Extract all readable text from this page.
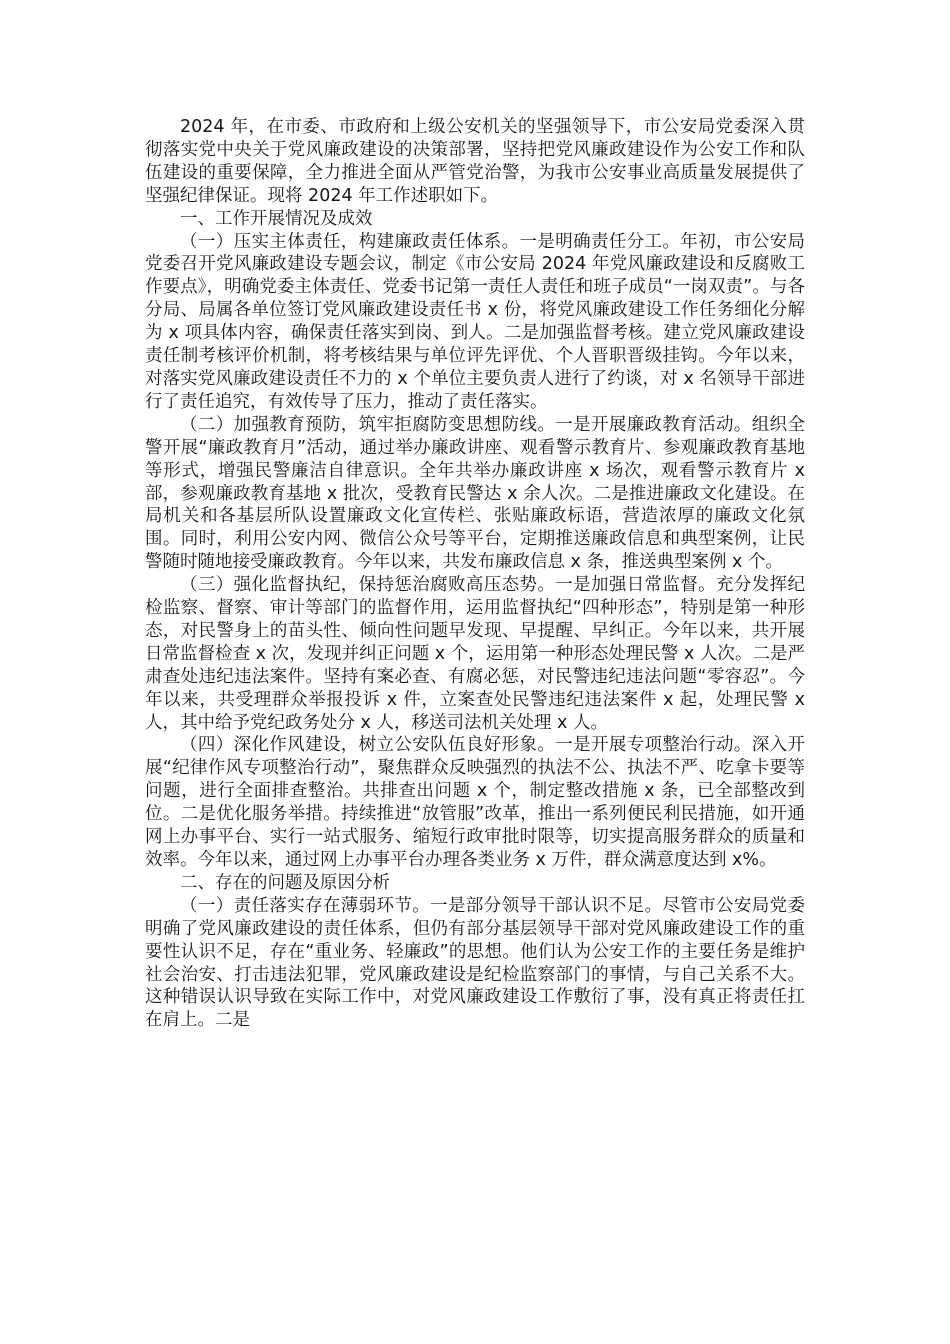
2024 年，在市委、市政府和上级公安机关的坚强领导下，市公安局党委深入贯彻落实党中央关于党风廉政建设的决策部署，坚持把党风廉政建设作为公安工作和队伍建设的重要保障，全力推进全面从严管党治警，为我市公安事业高质量发展提供了坚强纪律保证。现将 2024 年工作述职如下。

一、工作开展情况及成效

（一）压实主体责任，构建廉政责任体系。一是明确责任分工。年初，市公安局党委召开党风廉政建设专题会议，制定《市公安局 2024 年党风廉政建设和反腐败工作要点》，明确党委主体责任、党委书记第一责任人责任和班子成员“一岗双责”。与各分局、局属各单位签订党风廉政建设责任书 x 份，将党风廉政建设工作任务细化分解为 x 项具体内容，确保责任落实到岗、到人。二是加强监督考核。建立党风廉政建设责任制考核评价机制，将考核结果与单位评先评优、个人晋职晋级挂钩。今年以来，对落实党风廉政建设责任不力的 x 个单位主要负责人进行了约谈，对 x 名领导干部进行了责任追究，有效传导了压力，推动了责任落实。

（二）加强教育预防，筑牢拒腐防变思想防线。一是开展廉政教育活动。组织全警开展“廉政教育月”活动，通过举办廉政讲座、观看警示教育片、参观廉政教育基地等形式，增强民警廉洁自律意识。全年共举办廉政讲座 x 场次，观看警示教育片 x 部，参观廉政教育基地 x 批次，受教育民警达 x 余人次。二是推进廉政文化建设。在局机关和各基层所队设置廉政文化宣传栏、张贴廉政标语，营造浓厚的廉政文化氛围。同时，利用公安内网、微信公众号等平台，定期推送廉政信息和典型案例，让民警随时随地接受廉政教育。今年以来，共发布廉政信息 x 条，推送典型案例 x 个。

（三）强化监督执纪，保持惩治腐败高压态势。一是加强日常监督。充分发挥纪检监察、督察、审计等部门的监督作用，运用监督执纪“四种形态”，特别是第一种形态，对民警身上的苗头性、倾向性问题早发现、早提醒、早纠正。今年以来，共开展日常监督检查 x 次，发现并纠正问题 x 个，运用第一种形态处理民警 x 人次。二是严肃查处违纪违法案件。坚持有案必查、有腐必惩，对民警违纪违法问题“零容忍”。今年以来，共受理群众举报投诉 x 件，立案查处民警违纪违法案件 x 起，处理民警 x 人，其中给予党纪政务处分 x 人，移送司法机关处理 x 人。

（四）深化作风建设，树立公安队伍良好形象。一是开展专项整治行动。深入开展“纪律作风专项整治行动”，聚焦群众反映强烈的执法不公、执法不严、吃拿卡要等问题，进行全面排查整治。共排查出问题 x 个，制定整改措施 x 条，已全部整改到位。二是优化服务举措。持续推进“放管服”改革，推出一系列便民利民措施，如开通网上办事平台、实行一站式服务、缩短行政审批时限等，切实提高服务群众的质量和效率。今年以来，通过网上办事平台办理各类业务 x 万件，群众满意度达到 x%。

二、存在的问题及原因分析

（一）责任落实存在薄弱环节。一是部分领导干部认识不足。尽管市公安局党委明确了党风廉政建设的责任体系，但仍有部分基层领导干部对党风廉政建设工作的重要性认识不足，存在“重业务、轻廉政”的思想。他们认为公安工作的主要任务是维护社会治安、打击违法犯罪，党风廉政建设是纪检监察部门的事情，与自己关系不大。这种错误认识导致在实际工作中，对党风廉政建设工作敷衍了事，没有真正将责任扛在肩上。二是
